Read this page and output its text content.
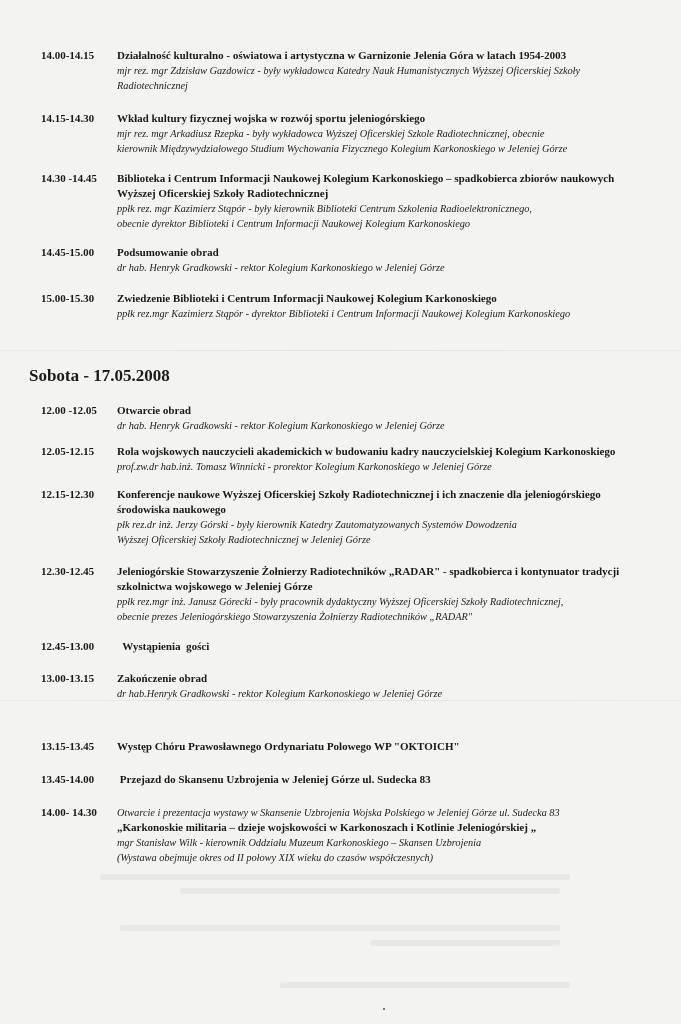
14.00-14.15	Działalność kulturalno - oświatowa i artystyczna w Garnizonie Jelenia Góra w latach 1954-2003
mjr rez. mgr Zdzisław Gazdowicz - były wykładowca Katedry Nauk Humanistycznych Wyższej Oficerskiej Szkoły
Radiotechnicznej
14.15-14.30	Wkład kultury fizycznej wojska w rozwój sportu jeleniogórskiego
mjr rez. mgr Arkadiusz Rzepka - były wykładowca Wyższej Oficerskiej Szkole Radiotechnicznej, obecnie
kierownik Międzywydziałowego Studium Wychowania Fizycznego Kolegium Karkonoskiego w Jeleniej Górze
14.30 -14.45	Biblioteka i Centrum Informacji Naukowej Kolegium Karkonoskiego – spadkobierca zbiorów naukowych
Wyższej Oficerskiej Szkoły Radiotechnicznej
ppłk rez. mgr Kazimierz Stąpór - były kierownik Biblioteki Centrum Szkolenia Radioelektronicznego,
obecnie dyrektor Biblioteki i Centrum Informacji Naukowej Kolegium Karkonoskiego
14.45-15.00	Podsumowanie obrad
dr hab. Henryk Gradkowski - rektor Kolegium Karkonoskiego w Jeleniej Górze
15.00-15.30	Zwiedzenie Biblioteki i Centrum Informacji Naukowej Kolegium Karkonoskiego
ppłk rez.mgr Kazimierz Stąpór - dyrektor Biblioteki i Centrum Informacji Naukowej Kolegium Karkonoskiego
Sobota - 17.05.2008
12.00 -12.05	Otwarcie obrad
dr hab. Henryk Gradkowski - rektor Kolegium Karkonoskiego w Jeleniej Górze
12.05-12.15	Rola wojskowych nauczycieli akademickich w budowaniu kadry nauczycielskiej Kolegium Karkonoskiego
prof.zw.dr hab.inż. Tomasz Winnicki - prorektor Kolegium Karkonoskiego w Jeleniej Górze
12.15-12.30	Konferencje naukowe Wyższej Oficerskiej Szkoły Radiotechnicznej i ich znaczenie dla jeleniogórskiego
środowiska naukowego
płk rez.dr inż. Jerzy Górski - były kierownik Katedry Zautomatyzowanych Systemów Dowodzenia
Wyższej Oficerskiej Szkoły Radiotechnicznej w Jeleniej Górze
12.30-12.45	Jeleniogórskie Stowarzyszenie Żołnierzy Radiotechników „RADAR" - spadkobierca i kontynuator tradycji
szkolnictwa wojskowego w Jeleniej Górze
ppłk rez.mgr inż. Janusz Górecki - były pracownik dydaktyczny Wyższej Oficerskiej Szkoły Radiotechnicznej,
obecnie prezes Jeleniogórskiego Stowarzyszenia Żołnierzy Radiotechników „RADAR"
12.45-13.00	Wystąpienia  gości
13.00-13.15	Zakończenie obrad
dr hab.Henryk Gradkowski - rektor Kolegium Karkonoskiego w Jeleniej Górze
13.15-13.45	Występ Chóru Prawosławnego Ordynariatu Polowego WP "OKTOICH"
13.45-14.00	Przejazd do Skansenu Uzbrojenia w Jeleniej Górze ul. Sudecka 83
14.00- 14.30	Otwarcie i prezentacja wystawy w Skansenie Uzbrojenia Wojska Polskiego w Jeleniej Górze ul. Sudecka 83
„Karkonoskie militaria – dzieje wojskowości w Karkonoszach i Kotlinie Jeleniogórskiej „
mgr Stanisław Wilk - kierownik Oddziału Muzeum Karkonoskiego – Skansen Uzbrojenia
(Wystawa obejmuje okres od II połowy XIX wieku do czasów współczesnych)
